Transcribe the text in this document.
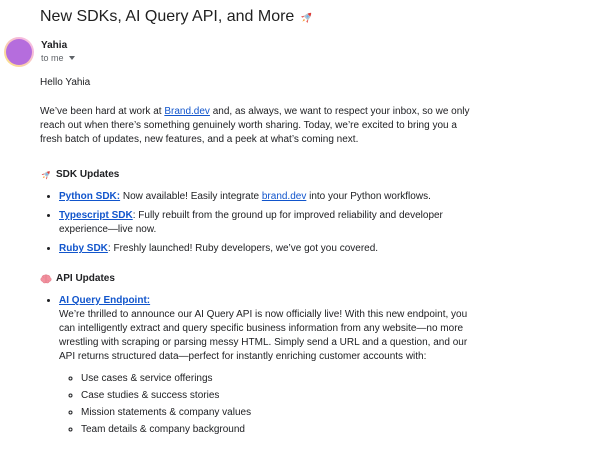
New SDKs, AI Query API, and More
Yahia
to me

Hello Yahia

We’ve been hard at work at Brand.dev and, as always, we want to respect your inbox, so we only reach out when there’s something genuinely worth sharing. Today, we’re excited to bring you a fresh batch of updates, new features, and a peek at what’s coming next.

SDK Updates

• Python SDK: Now available! Easily integrate brand.dev into your Python workflows.
• Typescript SDK: Fully rebuilt from the ground up for improved reliability and developer experience—live now.
• Ruby SDK: Freshly launched! Ruby developers, we’ve got you covered.

API Updates

• AI Query Endpoint:
We’re thrilled to announce our AI Query API is now officially live! With this new endpoint, you can intelligently extract and query specific business information from any website—no more wrestling with scraping or parsing messy HTML. Simply send a URL and a question, and our API returns structured data—perfect for instantly enriching customer accounts with:
◦ Use cases & service offerings
◦ Case studies & success stories
◦ Mission statements & company values
◦ Team details & company background
